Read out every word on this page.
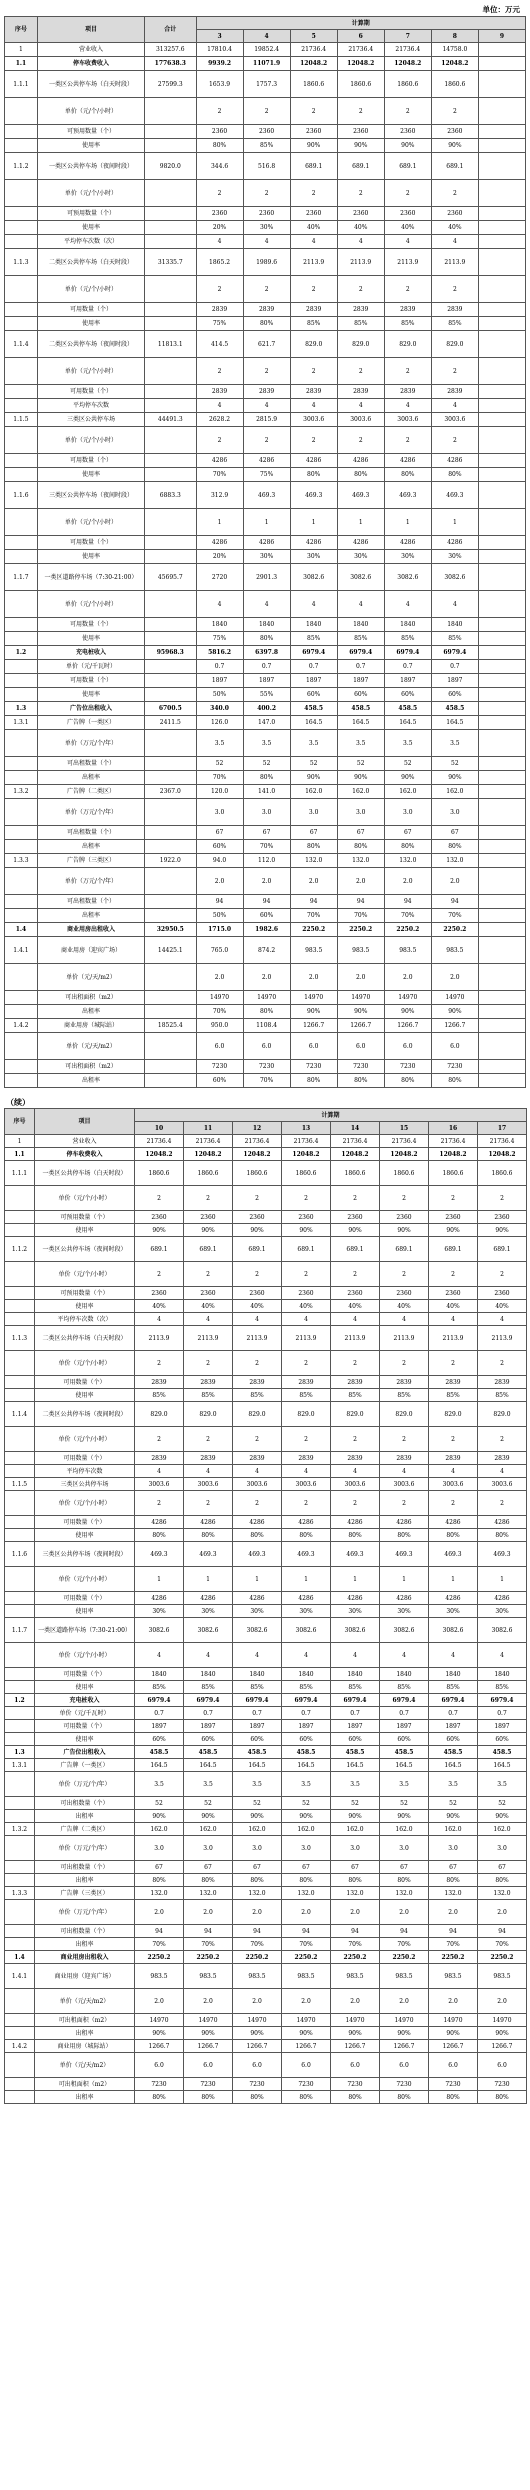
单位：万元
序号	项目	合计	计算期						
			3	4	5	6	7	8	9
1	营业收入	313257.6	17810.4	19852.4	21736.4	21736.4	21736.4	14758.0	
1.1	停车收费收入	177638.3	9939.2	11071.9	12048.2	12048.2	12048.2	12048.2	
1.1.1	一类区公共停车场（白天时段）	27599.3	1653.9	1757.3	1860.6	1860.6	1860.6	1860.6	
	单价（元/个/小时）		2	2	2	2	2	2	
	可预用数量（个）		2360	2360	2360	2360	2360	2360	
	使用率		80%	85%	90%	90%	90%	90%	
1.1.2	一类区公共停车场（夜间时段）	9820.0	344.6	516.8	689.1	689.1	689.1	689.1	
	单价（元/个/小时）		2	2	2	2	2	2	
	可预用数量（个）		2360	2360	2360	2360	2360	2360	
	使用率		20%	30%	40%	40%	40%	40%	
	平均停车次数（次）		4	4	4	4	4	4	
1.1.3	二类区公共停车场（白天时段）	31335.7	1865.2	1989.6	2113.9	2113.9	2113.9	2113.9	
	单价（元/个/小时）		2	2	2	2	2	2	
	可用数量（个）		2839	2839	2839	2839	2839	2839	
	使用率		75%	80%	85%	85%	85%	85%	
1.1.4	二类区公共停车场（夜间时段）	11813.1	414.5	621.7	829.0	829.0	829.0	829.0	
	单价（元/个/小时）		2	2	2	2	2	2	
	可用数量（个）		2839	2839	2839	2839	2839	2839	
	平均停车次数		4	4	4	4	4	4	
1.1.5	三类区公共停车场	44491.3	2628.2	2815.9	3003.6	3003.6	3003.6	3003.6	
	单价（元/个/小时）		2	2	2	2	2	2	
	可用数量（个）		4286	4286	4286	4286	4286	4286	
	使用率		70%	75%	80%	80%	80%	80%	
1.1.6	三类区公共停车场（夜间时段）	6883.3	312.9	469.3	469.3	469.3	469.3	469.3	
	单价（元/个/小时）		1	1	1	1	1	1	
	可用数量（个）		4286	4286	4286	4286	4286	4286	
	使用率		20%	30%	30%	30%	30%	30%	
1.1.7	一类区道路停车场（7:30-21:00）	45695.7	2720	2901.3	3082.6	3082.6	3082.6	3082.6	
	单价（元/个/小时）		4	4	4	4	4	4	
	可用数量（个）		1840	1840	1840	1840	1840	1840	
	使用率		75%	80%	85%	85%	85%	85%	
1.2	充电桩收入	95968.3	5816.2	6397.8	6979.4	6979.4	6979.4	6979.4	
	单价（元/千瓦时）		0.7	0.7	0.7	0.7	0.7	0.7	
	可用数量（个）		1897	1897	1897	1897	1897	1897	
	使用率		50%	55%	60%	60%	60%	60%	
1.3	广告位出租收入	6700.5	340.0	400.2	458.5	458.5	458.5	458.5	
1.3.1	广告牌（一类区）	2411.5	126.0	147.0	164.5	164.5	164.5	164.5	
	单价（万元/个/年）		3.5	3.5	3.5	3.5	3.5	3.5	
	可出租数量（个）		52	52	52	52	52	52	
	出租率		70%	80%	90%	90%	90%	90%	
1.3.2	广告牌（二类区）	2367.0	120.0	141.0	162.0	162.0	162.0	162.0	
	单价（万元/个/年）		3.0	3.0	3.0	3.0	3.0	3.0	
	可出租数量（个）		67	67	67	67	67	67	
	出租率		60%	70%	80%	80%	80%	80%	
1.3.3	广告牌（三类区）	1922.0	94.0	112.0	132.0	132.0	132.0	132.0	
	单价（万元/个/年）		2.0	2.0	2.0	2.0	2.0	2.0	
	可出租数量（个）		94	94	94	94	94	94	
	出租率		50%	60%	70%	70%	70%	70%	
1.4	商业用房出租收入	32950.5	1715.0	1982.6	2250.2	2250.2	2250.2	2250.2	
1.4.1	商业用房（迎宾广场）	14425.1	765.0	874.2	983.5	983.5	983.5	983.5	
	单价（元/天/m2）		2.0	2.0	2.0	2.0	2.0	2.0	
	可出租面积（m2）		14970	14970	14970	14970	14970	14970	
	出租率		70%	80%	90%	90%	90%	90%	
1.4.2	商业用房（城际站）	18525.4	950.0	1108.4	1266.7	1266.7	1266.7	1266.7	
	单价（元/天/m2）		6.0	6.0	6.0	6.0	6.0	6.0	
	可出租面积（m2）		7230	7230	7230	7230	7230	7230	
	出租率		60%	70%	80%	80%	80%	80%	
（续）
序号	项目	计算期							
		10	11	12	13	14	15	16	17
1	营业收入	21736.4	21736.4	21736.4	21736.4	21736.4	21736.4	21736.4	21736.4
1.1	停车收费收入	12048.2	12048.2	12048.2	12048.2	12048.2	12048.2	12048.2	12048.2
1.1.1	一类区公共停车场（白天时段）	1860.6	1860.6	1860.6	1860.6	1860.6	1860.6	1860.6	1860.6
	单价（元/个/小时）	2	2	2	2	2	2	2	2
	可预用数量（个）	2360	2360	2360	2360	2360	2360	2360	2360
	使用率	90%	90%	90%	90%	90%	90%	90%	90%
1.1.2	一类区公共停车场（夜间时段）	689.1	689.1	689.1	689.1	689.1	689.1	689.1	689.1
	单价（元/个/小时）	2	2	2	2	2	2	2	2
	可预用数量（个）	2360	2360	2360	2360	2360	2360	2360	2360
	使用率	40%	40%	40%	40%	40%	40%	40%	40%
	平均停车次数（次）	4	4	4	4	4	4	4	4
1.1.3	二类区公共停车场（白天时段）	2113.9	2113.9	2113.9	2113.9	2113.9	2113.9	2113.9	2113.9
	单价（元/个/小时）	2	2	2	2	2	2	2	2
	可用数量（个）	2839	2839	2839	2839	2839	2839	2839	2839
	使用率	85%	85%	85%	85%	85%	85%	85%	85%
1.1.4	二类区公共停车场（夜间时段）	829.0	829.0	829.0	829.0	829.0	829.0	829.0	829.0
	单价（元/个/小时）	2	2	2	2	2	2	2	2
	可用数量（个）	2839	2839	2839	2839	2839	2839	2839	2839
	平均停车次数	4	4	4	4	4	4	4	4
1.1.5	三类区公共停车场	3003.6	3003.6	3003.6	3003.6	3003.6	3003.6	3003.6	3003.6
	单价（元/个/小时）	2	2	2	2	2	2	2	2
	可用数量（个）	4286	4286	4286	4286	4286	4286	4286	4286
	使用率	80%	80%	80%	80%	80%	80%	80%	80%
1.1.6	三类区公共停车场（夜间时段）	469.3	469.3	469.3	469.3	469.3	469.3	469.3	469.3
	单价（元/个/小时）	1	1	1	1	1	1	1	1
	可用数量（个）	4286	4286	4286	4286	4286	4286	4286	4286
	使用率	30%	30%	30%	30%	30%	30%	30%	30%
1.1.7	一类区道路停车场（7:30-21:00）	3082.6	3082.6	3082.6	3082.6	3082.6	3082.6	3082.6	3082.6
	单价（元/个/小时）	4	4	4	4	4	4	4	4
	可用数量（个）	1840	1840	1840	1840	1840	1840	1840	1840
	使用率	85%	85%	85%	85%	85%	85%	85%	85%
1.2	充电桩收入	6979.4	6979.4	6979.4	6979.4	6979.4	6979.4	6979.4	6979.4
	单价（元/千瓦时）	0.7	0.7	0.7	0.7	0.7	0.7	0.7	0.7
	可用数量（个）	1897	1897	1897	1897	1897	1897	1897	1897
	使用率	60%	60%	60%	60%	60%	60%	60%	60%
1.3	广告位出租收入	458.5	458.5	458.5	458.5	458.5	458.5	458.5	458.5
1.3.1	广告牌（一类区）	164.5	164.5	164.5	164.5	164.5	164.5	164.5	164.5
	单价（万元/个/年）	3.5	3.5	3.5	3.5	3.5	3.5	3.5	3.5
	可出租数量（个）	52	52	52	52	52	52	52	52
	出租率	90%	90%	90%	90%	90%	90%	90%	90%
1.3.2	广告牌（二类区）	162.0	162.0	162.0	162.0	162.0	162.0	162.0	162.0
	单价（万元/个/年）	3.0	3.0	3.0	3.0	3.0	3.0	3.0	3.0
	可出租数量（个）	67	67	67	67	67	67	67	67
	出租率	80%	80%	80%	80%	80%	80%	80%	80%
1.3.3	广告牌（三类区）	132.0	132.0	132.0	132.0	132.0	132.0	132.0	132.0
	单价（万元/个/年）	2.0	2.0	2.0	2.0	2.0	2.0	2.0	2.0
	可出租数量（个）	94	94	94	94	94	94	94	94
	出租率	70%	70%	70%	70%	70%	70%	70%	70%
1.4	商业用房出租收入	2250.2	2250.2	2250.2	2250.2	2250.2	2250.2	2250.2	2250.2
1.4.1	商业用房（迎宾广场）	983.5	983.5	983.5	983.5	983.5	983.5	983.5	983.5
	单价（元/天/m2）	2.0	2.0	2.0	2.0	2.0	2.0	2.0	2.0
	可出租面积（m2）	14970	14970	14970	14970	14970	14970	14970	14970
	出租率	90%	90%	90%	90%	90%	90%	90%	90%
1.4.2	商业用房（城际站）	1266.7	1266.7	1266.7	1266.7	1266.7	1266.7	1266.7	1266.7
	单价（元/天/m2）	6.0	6.0	6.0	6.0	6.0	6.0	6.0	6.0
	可出租面积（m2）	7230	7230	7230	7230	7230	7230	7230	7230
	出租率	80%	80%	80%	80%	80%	80%	80%	80%
